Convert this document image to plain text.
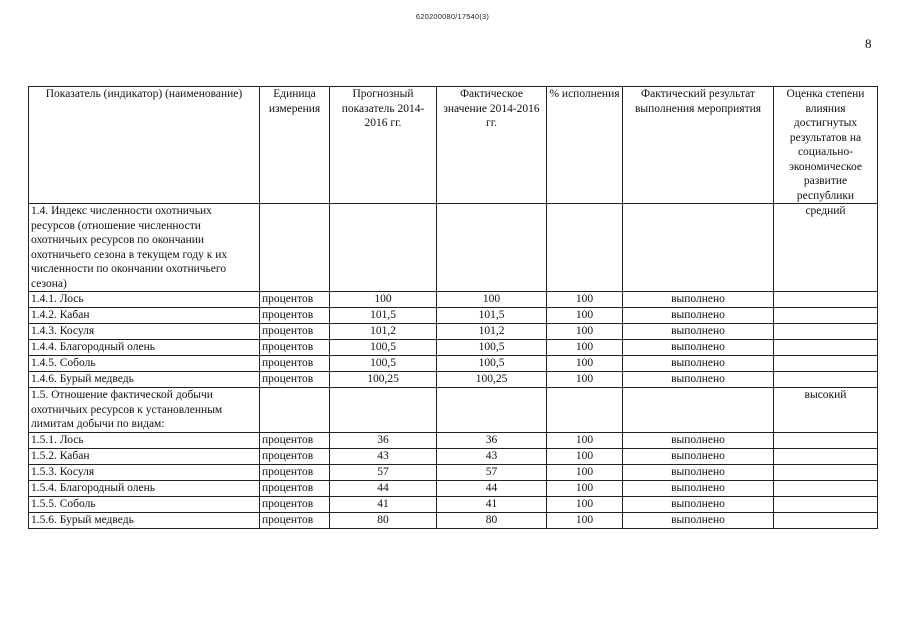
620200080/17540(3)
8
Показатель (индикатор) (наименование)	Единица измерения	Прогнозный показатель 2014-2016 гг.	Фактическое значение 2014-2016 гг.	% исполнения	Фактический результат выполнения мероприятия	Оценка степени влияния достигнутых результатов на социально-экономическое развитие республики
1.4. Индекс численности охотничьих ресурсов (отношение численности охотничьих ресурсов по окончании охотничьего сезона в текущем году к их численности по окончании охотничьего сезона)						средний
1.4.1. Лось	процентов	100	100	100	выполнено	
1.4.2. Кабан	процентов	101,5	101,5	100	выполнено	
1.4.3. Косуля	процентов	101,2	101,2	100	выполнено	
1.4.4. Благородный олень	процентов	100,5	100,5	100	выполнено	
1.4.5. Соболь	процентов	100,5	100,5	100	выполнено	
1.4.6. Бурый медведь	процентов	100,25	100,25	100	выполнено	
1.5. Отношение фактической добычи охотничьих ресурсов к установленным лимитам добычи по видам:						высокий
1.5.1. Лось	процентов	36	36	100	выполнено	
1.5.2. Кабан	процентов	43	43	100	выполнено	
1.5.3. Косуля	процентов	57	57	100	выполнено	
1.5.4. Благородный олень	процентов	44	44	100	выполнено	
1.5.5. Соболь	процентов	41	41	100	выполнено	
1.5.6. Бурый медведь	процентов	80	80	100	выполнено	
